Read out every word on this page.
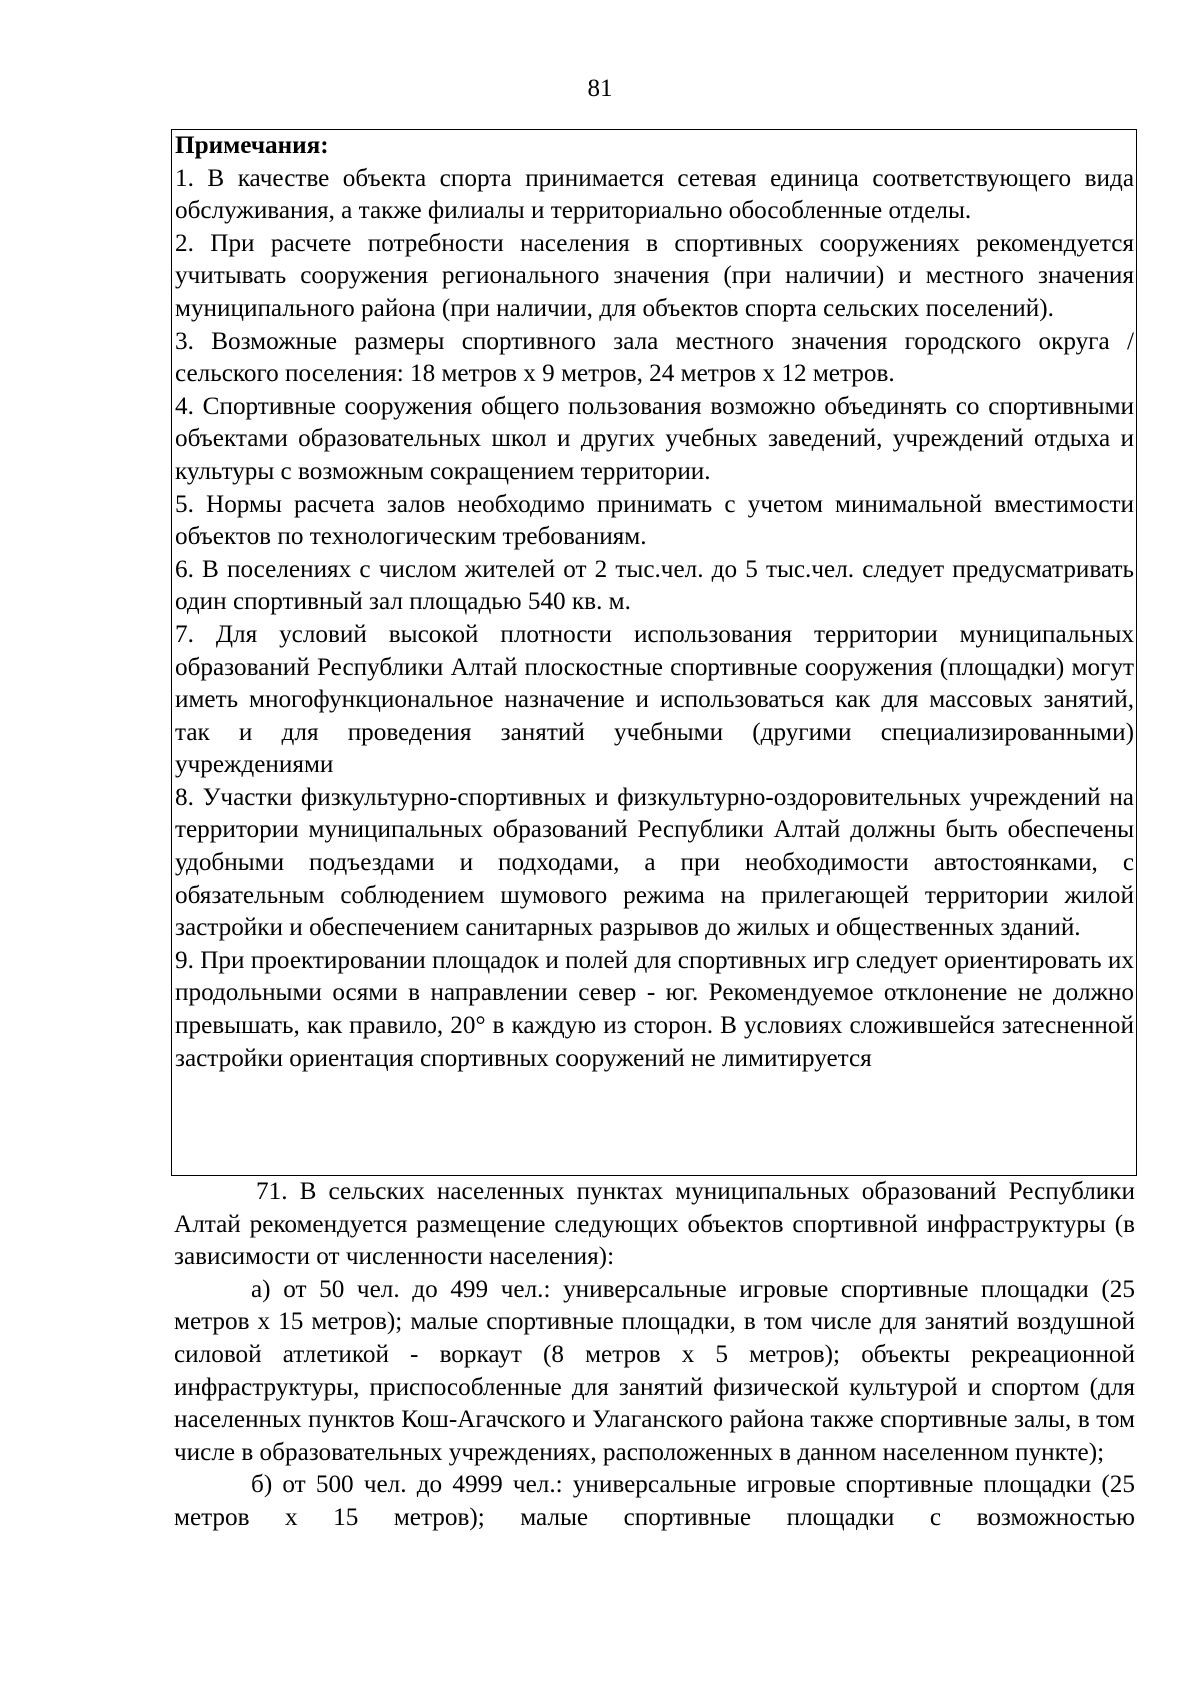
81

Примечания:

1. В качестве объекта спорта принимается сетевая единица соответствующего вида обслуживания, а также филиалы и территориально обособленные отделы.

2. При расчете потребности населения в спортивных сооружениях рекомендуется учитывать сооружения регионального значения (при наличии) и местного значения муниципального района (при наличии, для объектов спорта сельских поселений).

3. Возможные размеры спортивного зала местного значения городского округа / сельского поселения: 18 метров x 9 метров, 24 метров x 12 метров.

4. Спортивные сооружения общего пользования возможно объединять со спортивными объектами образовательных школ и других учебных заведений, учреждений отдыха и культуры с возможным сокращением территории.

5. Нормы расчета залов необходимо принимать с учетом минимальной вместимости объектов по технологическим требованиям.

6. В поселениях с числом жителей от 2 тыс.чел. до 5 тыс.чел. следует предусматривать один спортивный зал площадью 540 кв. м.

7. Для условий высокой плотности использования территории муниципальных образований Республики Алтай плоскостные спортивные сооружения (площадки) могут иметь многофункциональное назначение и использоваться как для массовых занятий, так и для проведения занятий учебными (другими специализированными) учреждениями

8. Участки физкультурно-спортивных и физкультурно-оздоровительных учреждений на территории муниципальных образований Республики Алтай должны быть обеспечены удобными подъездами и подходами, а при необходимости автостоянками, с обязательным соблюдением шумового режима на прилегающей территории жилой застройки и обеспечением санитарных разрывов до жилых и общественных зданий.

9. При проектировании площадок и полей для спортивных игр следует ориентировать их продольными осями в направлении север - юг. Рекомендуемое отклонение не должно превышать, как правило, 20° в каждую из сторон. В условиях сложившейся затесненной застройки ориентация спортивных сооружений не лимитируется

71. В сельских населенных пунктах муниципальных образований Республики Алтай рекомендуется размещение следующих объектов спортивной инфраструктуры (в зависимости от численности населения):

а) от 50 чел. до 499 чел.: универсальные игровые спортивные площадки (25 метров x 15 метров); малые спортивные площадки, в том числе для занятий воздушной силовой атлетикой - воркаут (8 метров x 5 метров); объекты рекреационной инфраструктуры, приспособленные для занятий физической культурой и спортом (для населенных пунктов Кош-Агачского и Улаганского района также спортивные залы, в том числе в образовательных учреждениях, расположенных в данном населенном пункте);

б) от 500 чел. до 4999 чел.: универсальные игровые спортивные площадки (25 метров x 15 метров); малые спортивные площадки с возможностью
